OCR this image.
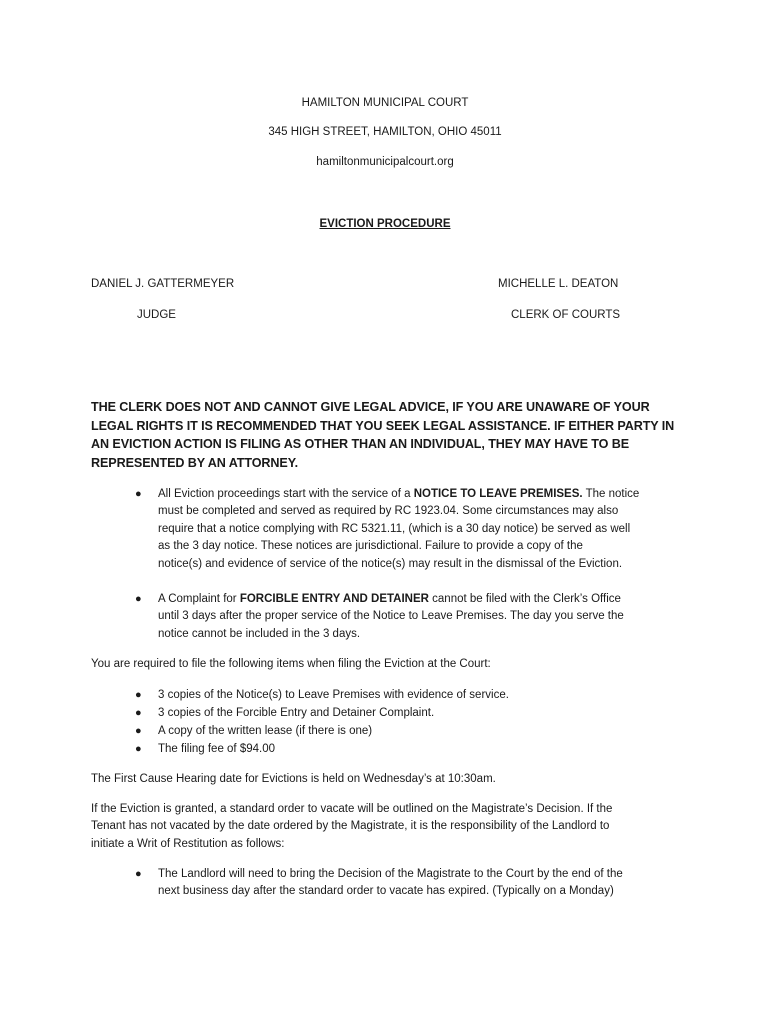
HAMILTON MUNICIPAL COURT
345 HIGH STREET, HAMILTON, OHIO 45011
hamiltonmunicipalcourt.org
EVICTION PROCEDURE
DANIEL J. GATTERMEYER
JUDGE
MICHELLE L. DEATON
CLERK OF COURTS
THE CLERK DOES NOT AND CANNOT GIVE LEGAL ADVICE, IF YOU ARE UNAWARE OF YOUR
LEGAL RIGHTS IT IS RECOMMENDED THAT YOU SEEK LEGAL ASSISTANCE. IF EITHER PARTY IN
AN EVICTION ACTION IS FILING AS OTHER THAN AN INDIVIDUAL, THEY MAY HAVE TO BE
REPRESENTED BY AN ATTORNEY.
●	All Eviction proceedings start with the service of a NOTICE TO LEAVE PREMISES. The notice
must be completed and served as required by RC 1923.04. Some circumstances may also
require that a notice complying with RC 5321.11, (which is a 30 day notice) be served as well
as the 3 day notice. These notices are jurisdictional. Failure to provide a copy of the
notice(s) and evidence of service of the notice(s) may result in the dismissal of the Eviction.
●	A Complaint for FORCIBLE ENTRY AND DETAINER cannot be filed with the Clerk’s Office
until 3 days after the proper service of the Notice to Leave Premises. The day you serve the
notice cannot be included in the 3 days.
You are required to file the following items when filing the Eviction at the Court:
● 3 copies of the Notice(s) to Leave Premises with evidence of service.
● 3 copies of the Forcible Entry and Detainer Complaint.
● A copy of the written lease (if there is one)
● The filing fee of $94.00
The First Cause Hearing date for Evictions is held on Wednesday’s at 10:30am.
If the Eviction is granted, a standard order to vacate will be outlined on the Magistrate’s Decision. If the
Tenant has not vacated by the date ordered by the Magistrate, it is the responsibility of the Landlord to
initiate a Writ of Restitution as follows:
●	The Landlord will need to bring the Decision of the Magistrate to the Court by the end of the
next business day after the standard order to vacate has expired. (Typically on a Monday)
